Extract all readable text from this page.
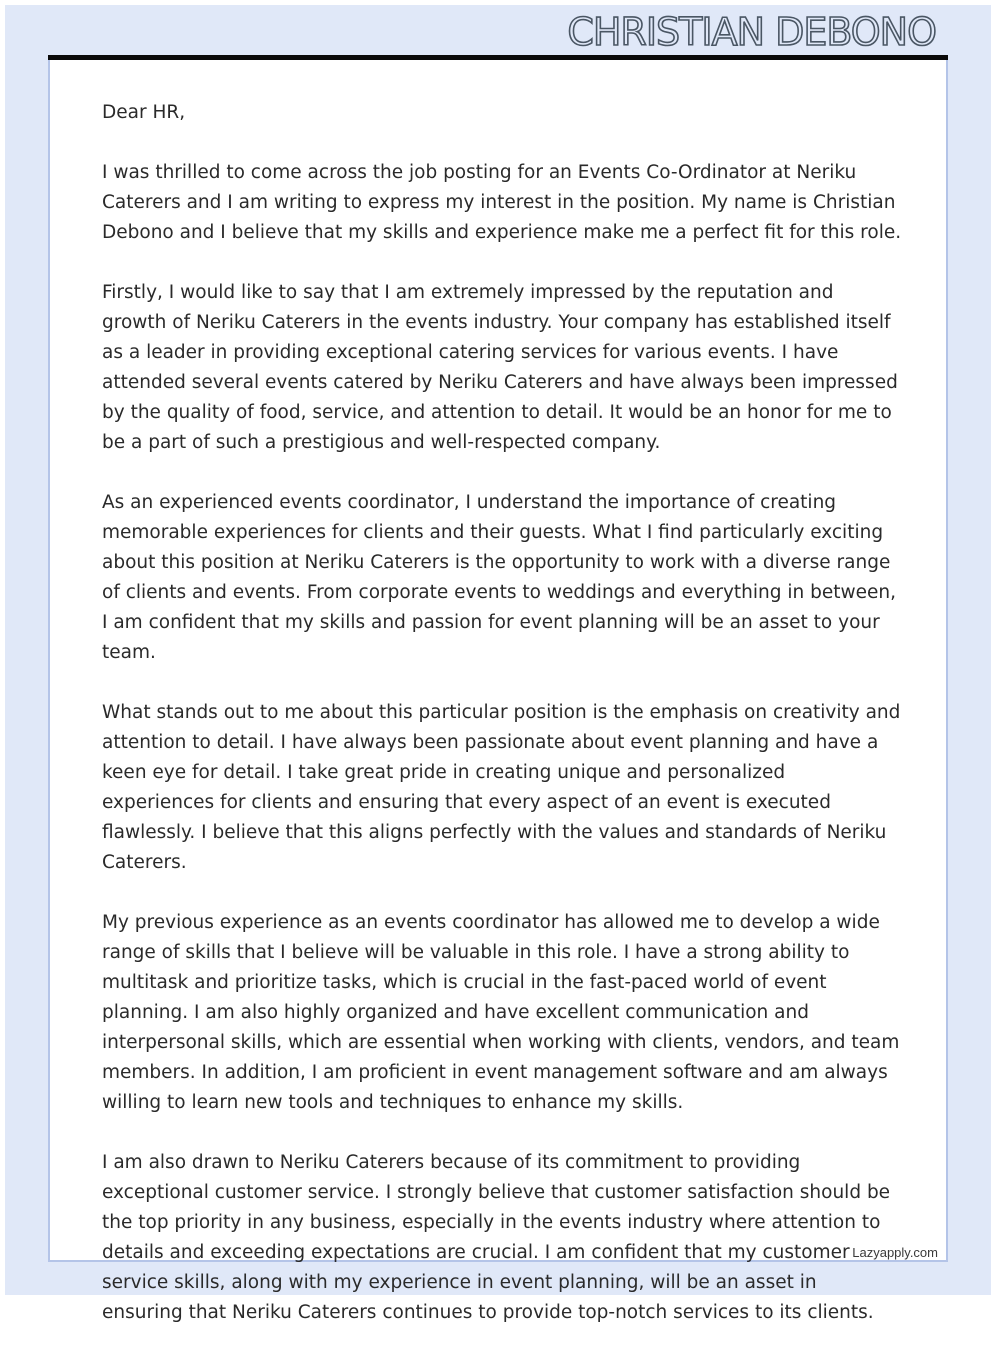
CHRISTIAN DEBONO

Dear HR,

I was thrilled to come across the job posting for an Events Co-Ordinator at Neriku Caterers and I am writing to express my interest in the position. My name is Christian Debono and I believe that my skills and experience make me a perfect fit for this role.

Firstly, I would like to say that I am extremely impressed by the reputation and growth of Neriku Caterers in the events industry. Your company has established itself as a leader in providing exceptional catering services for various events. I have attended several events catered by Neriku Caterers and have always been impressed by the quality of food, service, and attention to detail. It would be an honor for me to be a part of such a prestigious and well-respected company.

As an experienced events coordinator, I understand the importance of creating memorable experiences for clients and their guests. What I find particularly exciting about this position at Neriku Caterers is the opportunity to work with a diverse range of clients and events. From corporate events to weddings and everything in between, I am confident that my skills and passion for event planning will be an asset to your team.

What stands out to me about this particular position is the emphasis on creativity and attention to detail. I have always been passionate about event planning and have a keen eye for detail. I take great pride in creating unique and personalized experiences for clients and ensuring that every aspect of an event is executed flawlessly. I believe that this aligns perfectly with the values and standards of Neriku Caterers.

My previous experience as an events coordinator has allowed me to develop a wide range of skills that I believe will be valuable in this role. I have a strong ability to multitask and prioritize tasks, which is crucial in the fast-paced world of event planning. I am also highly organized and have excellent communication and interpersonal skills, which are essential when working with clients, vendors, and team members. In addition, I am proficient in event management software and am always willing to learn new tools and techniques to enhance my skills.

I am also drawn to Neriku Caterers because of its commitment to providing exceptional customer service. I strongly believe that customer satisfaction should be the top priority in any business, especially in the events industry where attention to details and exceeding expectations are crucial. I am confident that my customer service skills, along with my experience in event planning, will be an asset in ensuring that Neriku Caterers continues to provide top-notch services to its clients.

Lazyapply.com
